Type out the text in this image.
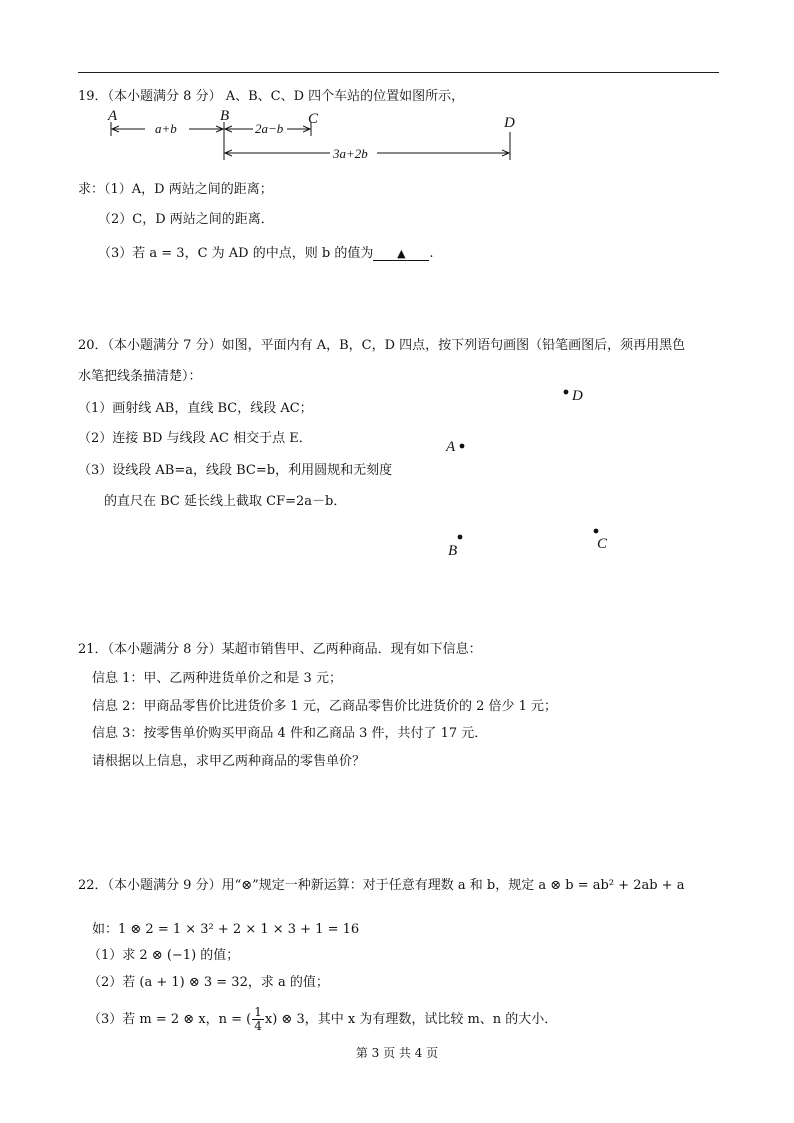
19．（本小题满分 8 分） A、B、C、D 四个车站的位置如图所示，
A	B	C	D
a+b	2a−b
3a+2b
求：（1）A，D 两站之间的距离；
（2）C，D 两站之间的距离．
（3）若 a = 3，C 为 AD 的中点，则 b 的值为 ▲ .
20．（本小题满分 7 分）如图，平面内有 A，B，C，D 四点，按下列语句画图（铅笔画图后，须再用黑色
水笔把线条描清楚）：
（1）画射线 AB，直线 BC，线段 AC；
（2）连接 BD 与线段 AC 相交于点 E．
（3）设线段 AB=a，线段 BC=b，利用圆规和无刻度
的直尺在 BC 延长线上截取 CF=2a－b．
D
A
B	C
21．（本小题满分 8 分）某超市销售甲、乙两种商品．现有如下信息：
信息 1：甲、乙两种进货单价之和是 3 元；
信息 2：甲商品零售价比进货价多 1 元，乙商品零售价比进货价的 2 倍少 1 元；
信息 3：按零售单价购买甲商品 4 件和乙商品 3 件，共付了 17 元．
请根据以上信息，求甲乙两种商品的零售单价？
22．（本小题满分 9 分）用“⊗”规定一种新运算：对于任意有理数 a 和 b，规定 a ⊗ b = ab² + 2ab + a
如：1 ⊗ 2 = 1 × 3² + 2 × 1 × 3 + 1 = 16
（1）求 2 ⊗ (−1) 的值；
（2）若 (a + 1) ⊗ 3 = 32，求 a 的值；
（3）若 m = 2 ⊗ x，n = ( $\frac{1}{4} x$) ⊗ 3，其中 x 为有理数，试比较 m、n 的大小．
第 3 页 共 4 页
